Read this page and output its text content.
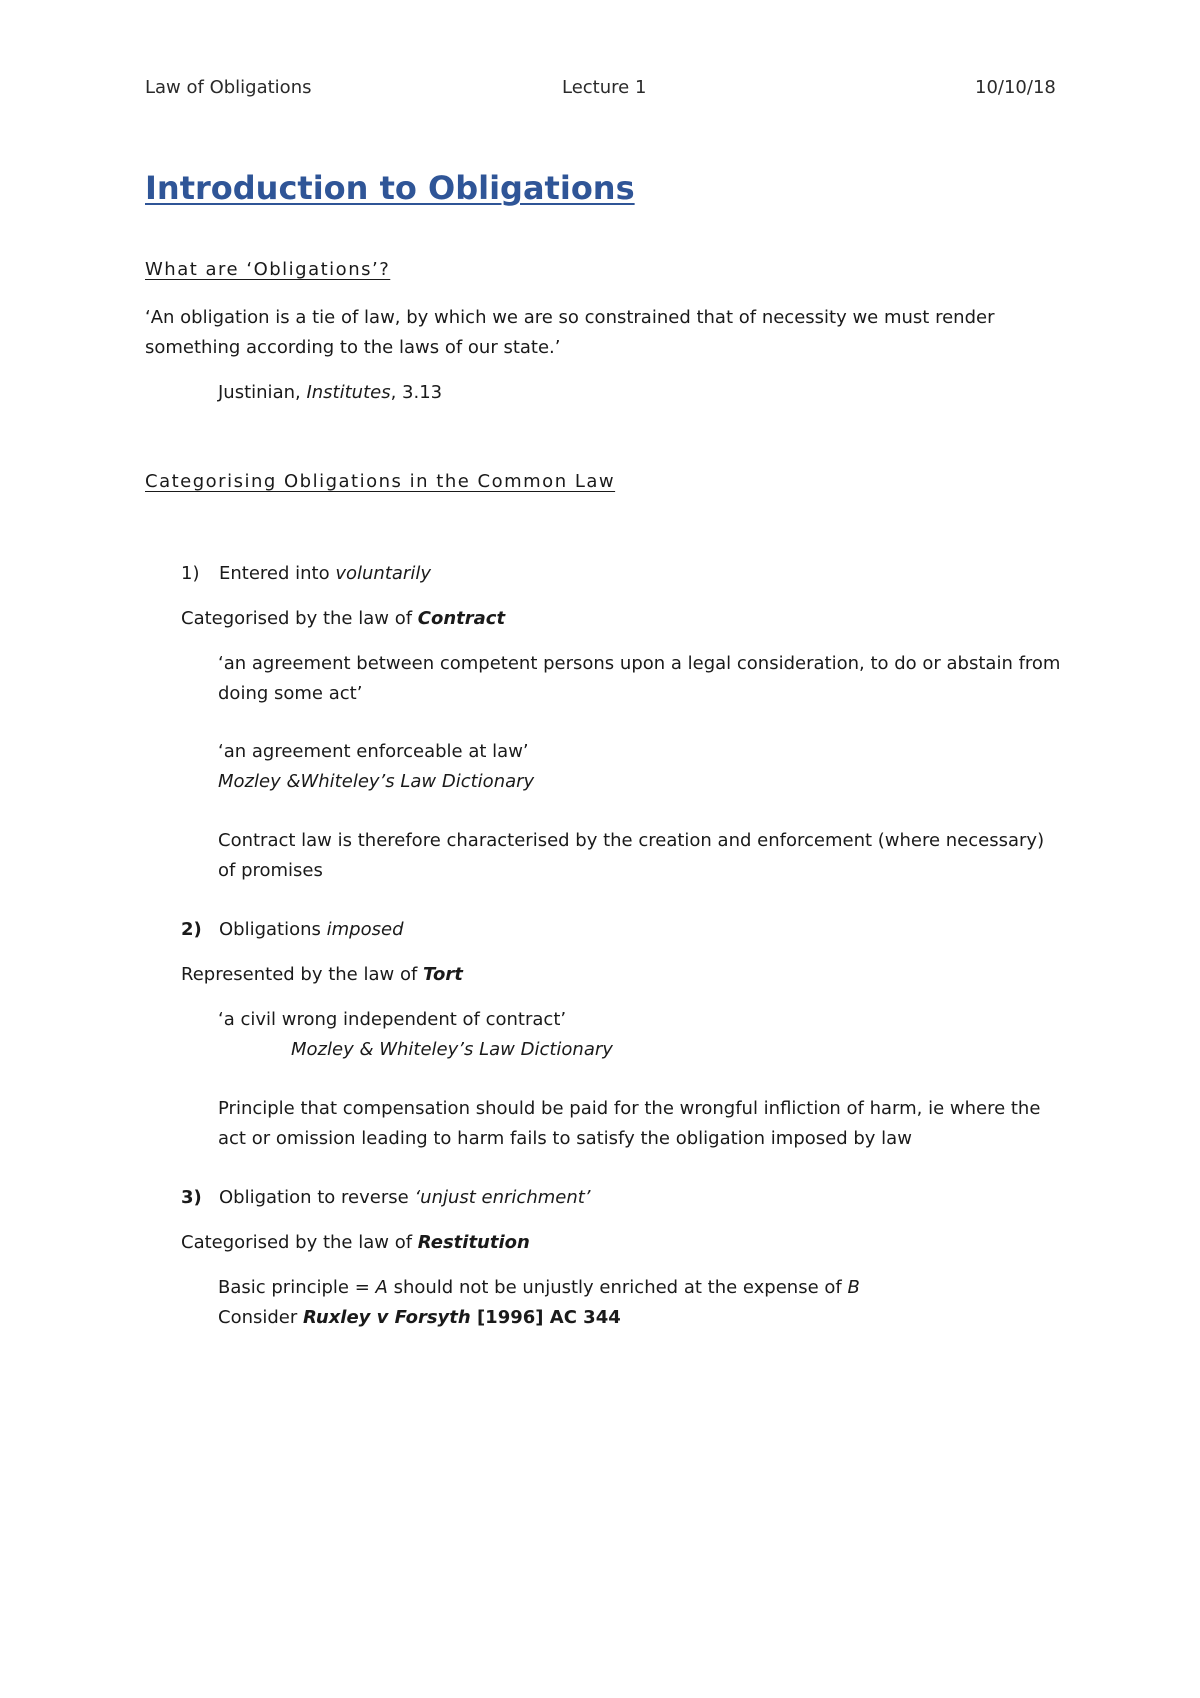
Law of Obligations	Lecture 1	10/10/18
Introduction to Obligations
What are ‘Obligations’?
‘An obligation is a tie of law, by which we are so constrained that of necessity we must render
something according to the laws of our state.’
Justinian, Institutes, 3.13
Categorising Obligations in the Common Law
1) Entered into voluntarily
Categorised by the law of Contract
‘an agreement between competent persons upon a legal consideration, to do or abstain from
doing some act’
‘an agreement enforceable at law’
Mozley &Whiteley’s Law Dictionary
Contract law is therefore characterised by the creation and enforcement (where necessary)
of promises
2) Obligations imposed
Represented by the law of Tort
‘a civil wrong independent of contract’
Mozley & Whiteley’s Law Dictionary
Principle that compensation should be paid for the wrongful infliction of harm, ie where the
act or omission leading to harm fails to satisfy the obligation imposed by law
3) Obligation to reverse ‘unjust enrichment’
Categorised by the law of Restitution
Basic principle = A should not be unjustly enriched at the expense of B
Consider Ruxley v Forsyth [1996] AC 344
